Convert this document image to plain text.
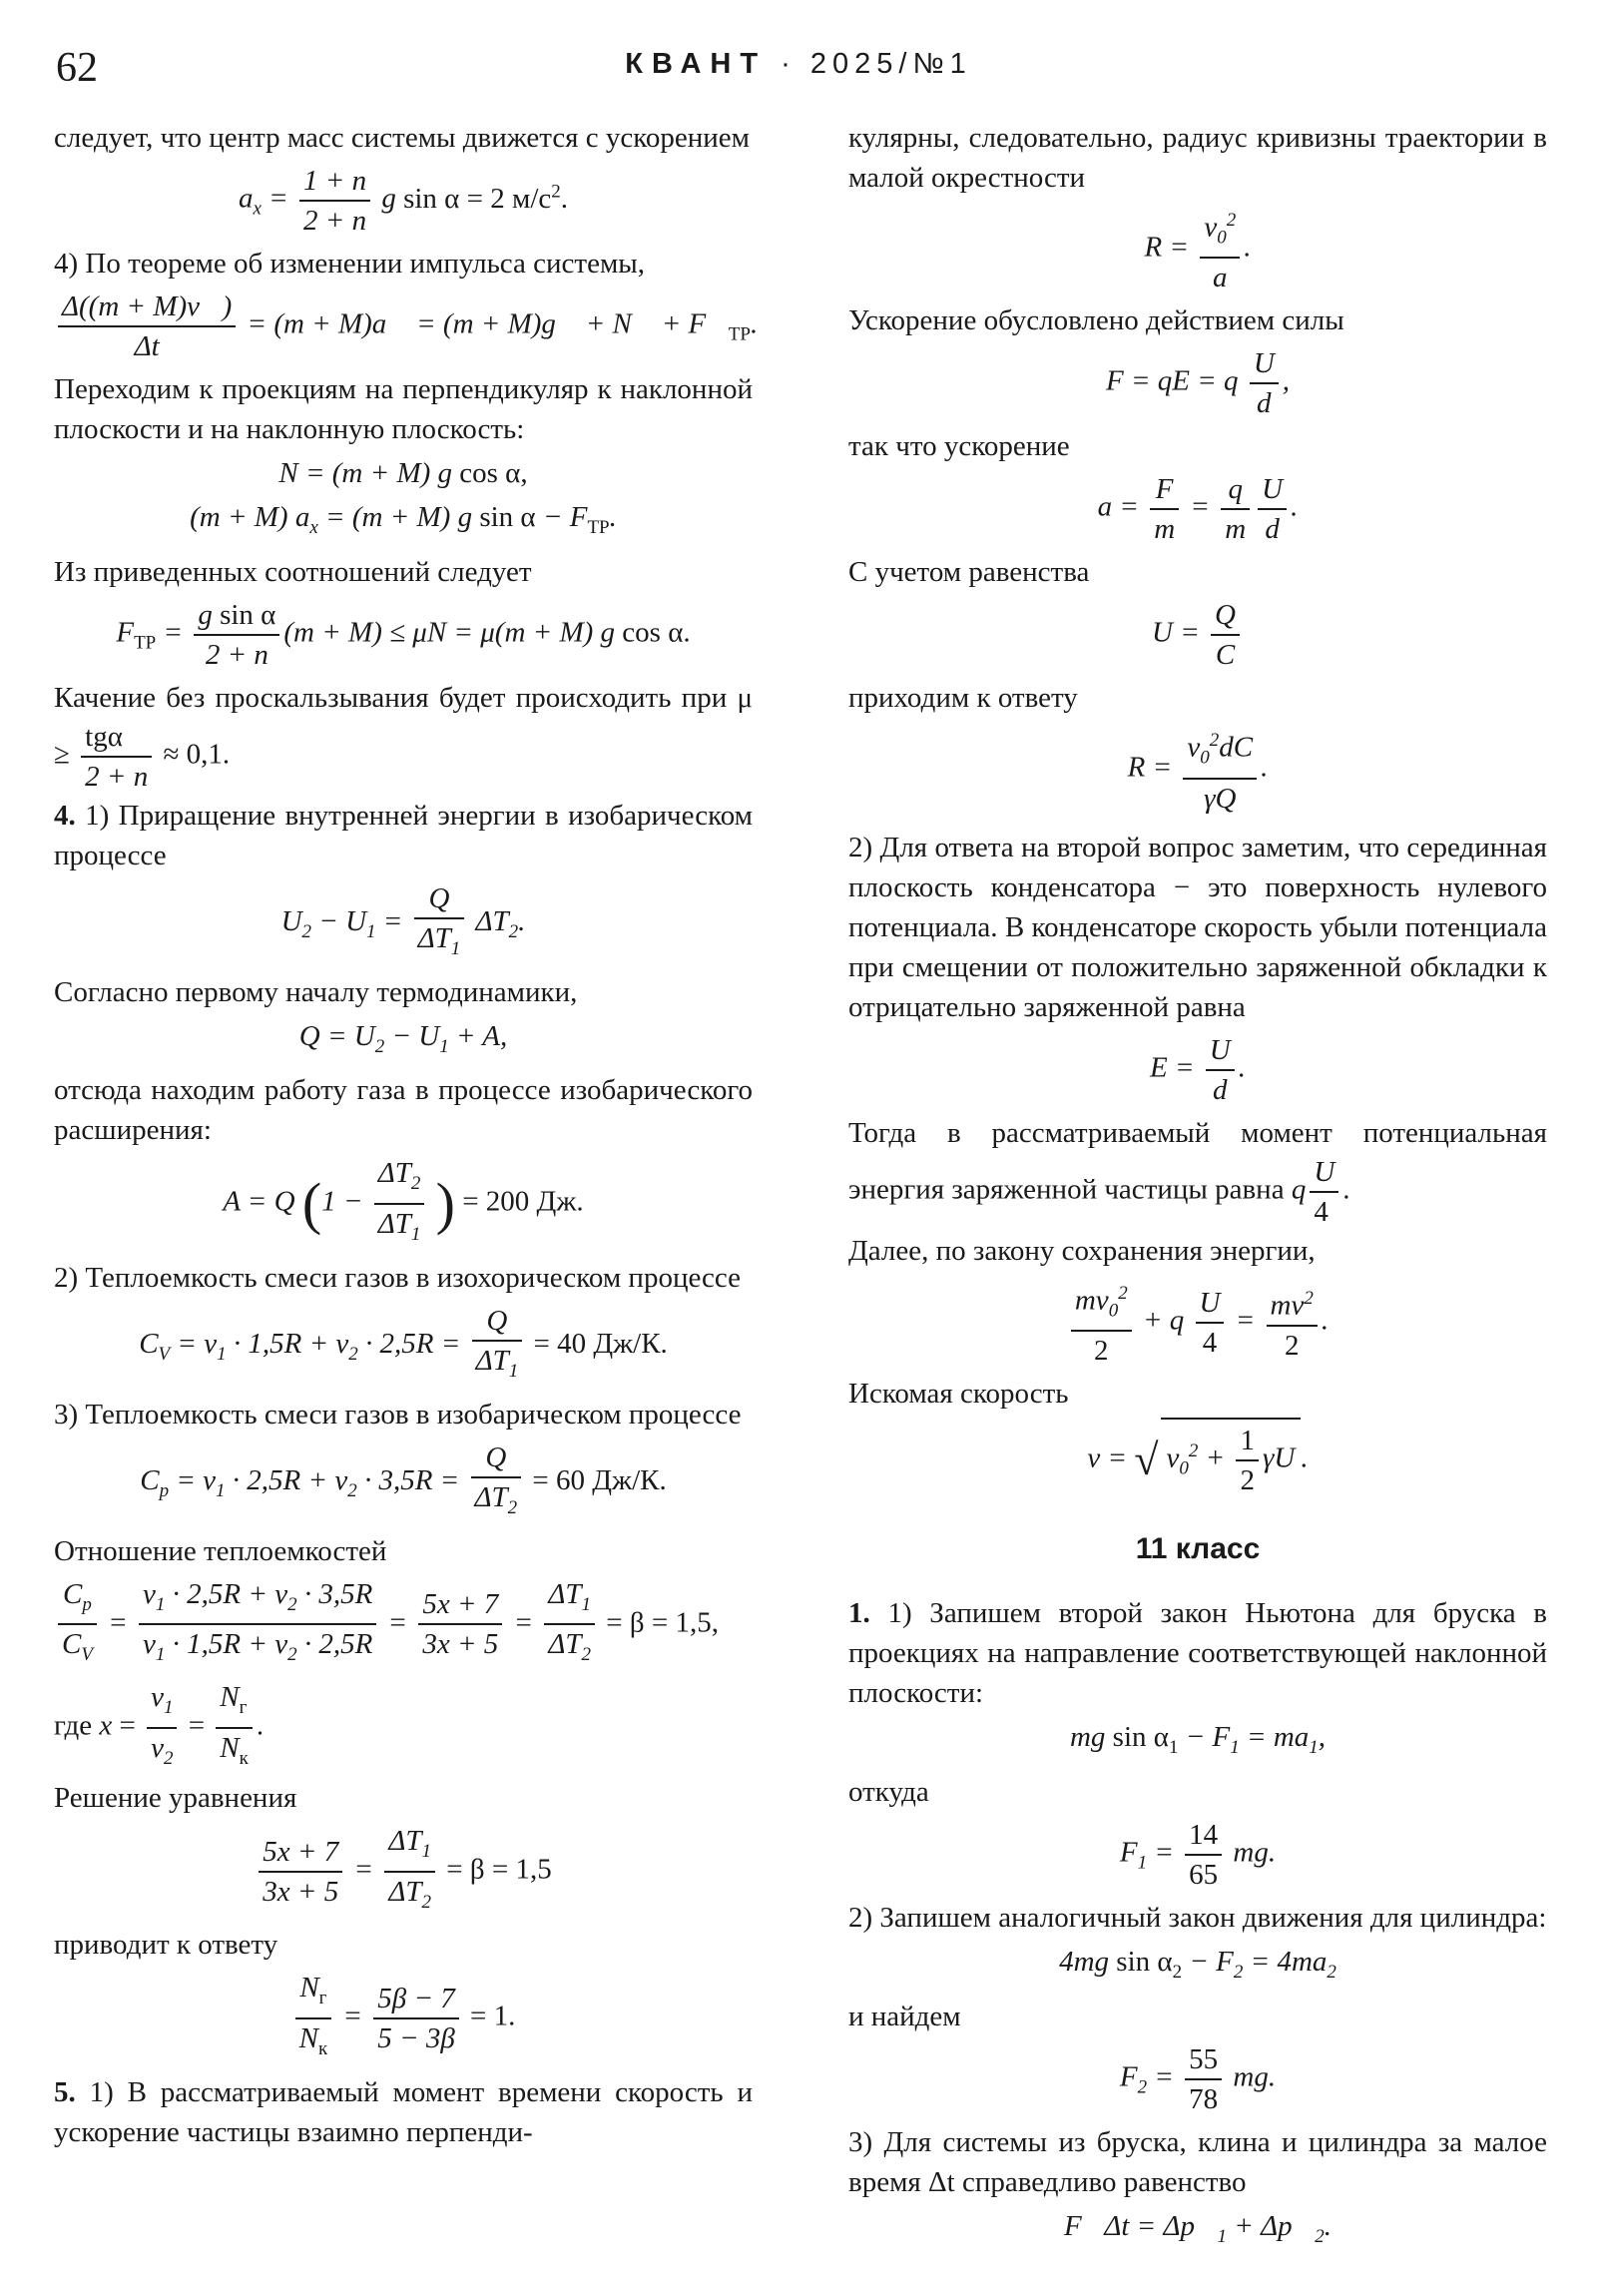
62	КВАНТ · 2025/№1

следует, что центр масс системы движется с ускорением

$a_x = \frac{1 + n}{2 + n}$ g sin α = 2 $м/с^2$.

4) По теореме об изменении импульса системы,

$\frac{\Delta((m + M)v⃗)}{\Delta t} = (m$ + M)a⃗ = (m + M)g⃗ + N⃗ + $F⃗_{ТР}$.

Переходим к проекциям на перпендикуляр к наклонной плоскости и на наклонную плоскость:

N = (m + M) g cos α,
(m + M) $a_x = (m + M)$ g $\sin \alpha - F_{ТР}$.

Из приведенных соотношений следует

$F_{ТР} = \frac{\text{g sin α}}{2 + n} (m + M) \le \mu N = \mu(m + M)$ g cos α.

Качение без проскальзывания будет происходить при $\mu \ge \frac{\text{tgα}}{2 + n} \approx 0,1$.

4. 1) Приращение внутренней энергии в изобарическом процессе

$U_2 - U_1 = \frac{Q}{\Delta T_1} \Delta T_2$.

Согласно первому началу термодинамики,

$Q = U_2 - U_1 + A$,

отсюда находим работу газа в процессе изобарического расширения:

A = Q ($1 - \frac{\Delta T_2}{\Delta T_1}$ ) = 200 Дж.

2) Теплоемкость смеси газов в изохорическом процессе

$C_V = \nu_1 \cdot 1,5R + \nu_2 \cdot 2,5R = \frac{Q}{\Delta T_1} = 40$ Дж/К.

3) Теплоемкость смеси газов в изобарическом процессе

$C_p = \nu_1 \cdot 2,5R + \nu_2 \cdot 3,5R = \frac{Q}{\Delta T_2} = 60$ Дж/К.

Отношение теплоемкостей

$\frac{C_p}{C_V} = \frac{\nu_1 \cdot 2,5R + \nu_2 \cdot 3,5R}{\nu_1 \cdot 1,5R + \nu_2 \cdot 2,5R} = \frac{5x + 7}{3x + 5} = \frac{\Delta T_1}{\Delta T_2} = \beta = 1,5$,

где $x = \frac{\nu_1}{\nu_2} = \frac{N_г}{N_к}$ .

Решение уравнения

$\frac{5x + 7}{3x + 5} = \frac{\Delta T_1}{\Delta T_2} = \beta = 1,5$

приводит к ответу

$\frac{N_г}{N_к} = \frac{5\beta - 7}{5 - 3\beta} = 1$.

5. 1) В рассматриваемый момент времени скорость и ускорение частицы взаимно перпенди-

кулярны, следовательно, радиус кривизны траектории в малой окрестности

$R = \frac{v_0^2}{a}$ .

Ускорение обусловлено действием силы

F = qE = q $\frac{U}{d}$ ,

так что ускорение

$a = \frac{F}{m} = \frac{q}{m} \frac{U}{d}$ .

С учетом равенства

$U = \frac{Q}{C}$

приходим к ответу

$R = \frac{v_0^2dC}{\gamma Q}$ .

2) Для ответа на второй вопрос заметим, что серединная плоскость конденсатора − это поверхность нулевого потенциала. В конденсаторе скорость убыли потенциала при смещении от положительно заряженной обкладки к отрицательно заряженной равна

$E = \frac{U}{d}$ .

Тогда в рассматриваемый момент потенциальная энергия заряженной частицы равна q $\frac{U}{4}$ .

Далее, по закону сохранения энергии,

$\frac{mv_0^2}{2} + q \frac{U}{4} = \frac{mv^2}{2}$ .

Искомая скорость

v = √ $v_0^2 + \frac{1}{2}$ γU .
11 класс

1. 1) Запишем второй закон Ньютона для бруска в проекциях на направление соответствующей наклонной плоскости:

mg $\sin \alpha_1 - F_1 = ma_1$,

откуда

$F_1 = \frac{14}{65}$ mg.

2) Запишем аналогичный закон движения для цилиндра:

4mg $\sin \alpha_2 - F_2 = 4ma_2$

и найдем

$F_2 = \frac{55}{78}$ mg.

3) Для системы из бруска, клина и цилиндра за малое время Δt справедливо равенство

F⃗Δt = $\Delta p⃗_1$ + $\Delta p⃗_2$.
